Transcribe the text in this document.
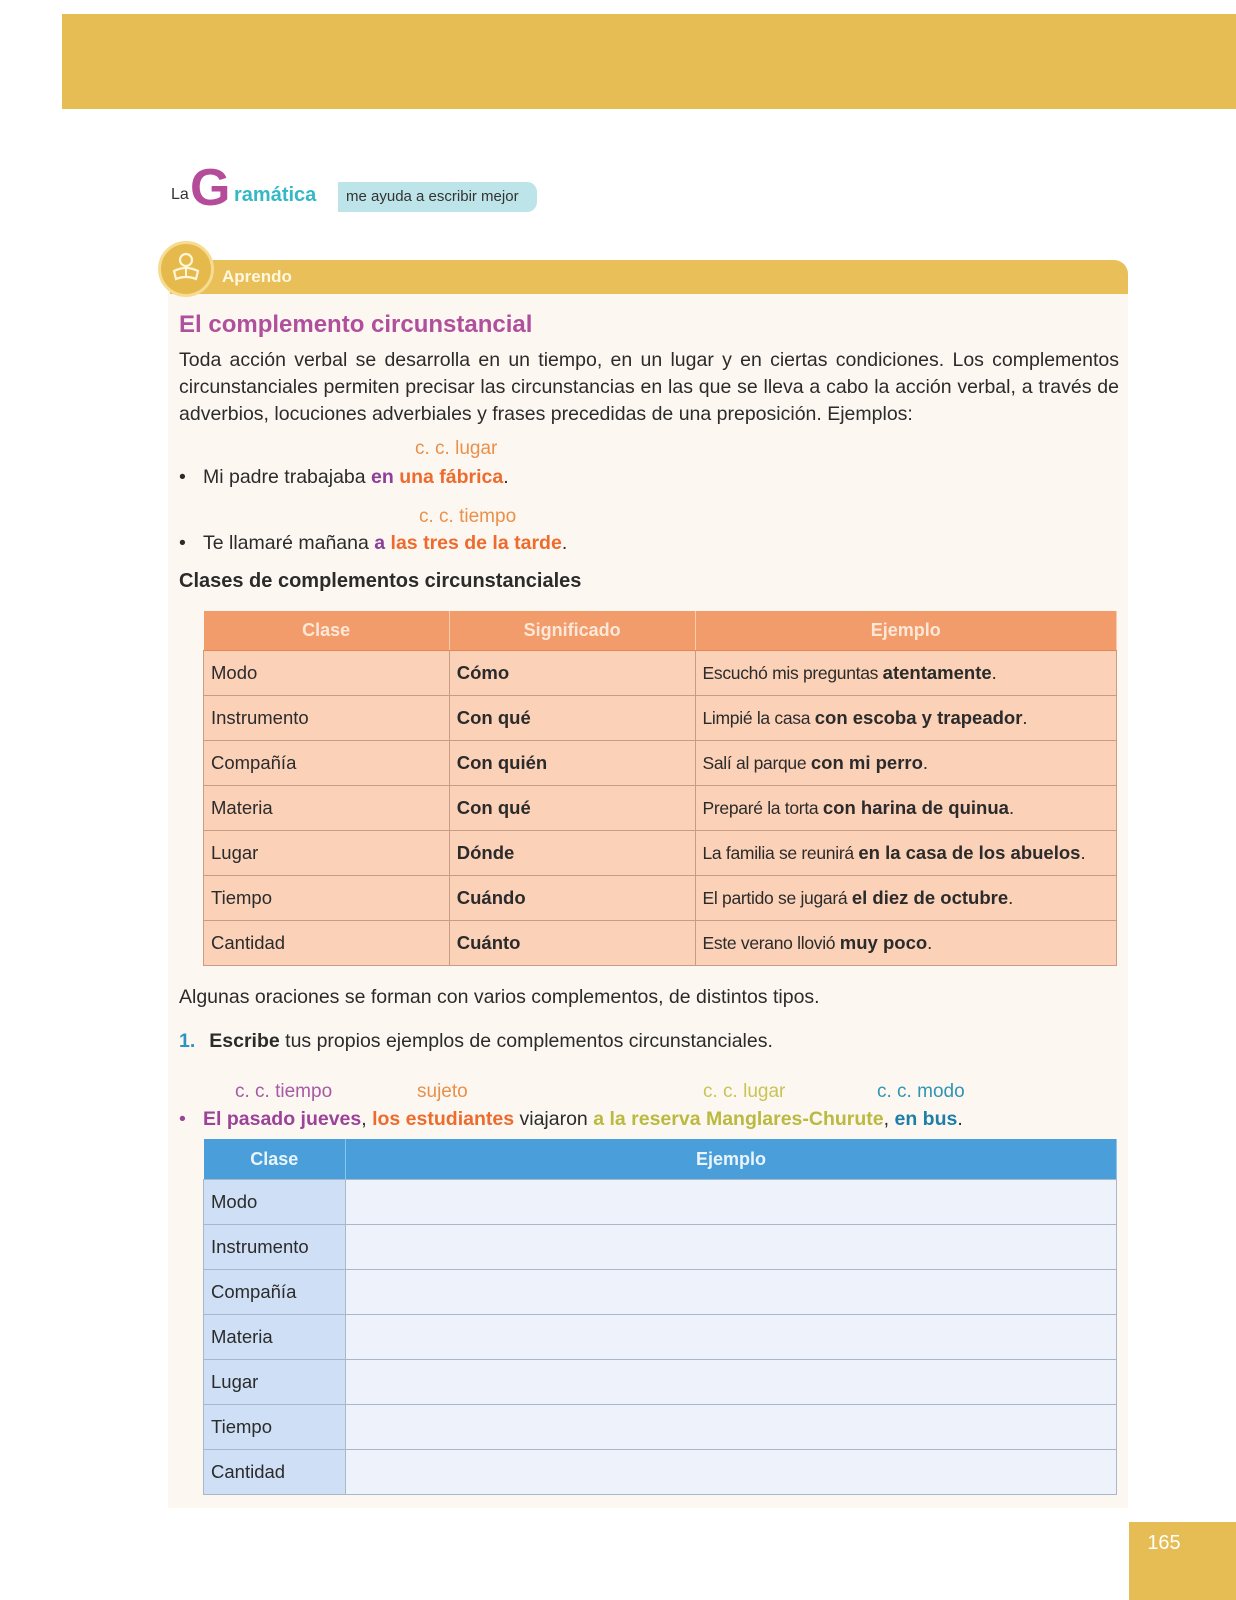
La G ramática	me ayuda a escribir mejor
Aprendo
El complemento circunstancial

Toda acción verbal se desarrolla en un tiempo, en un lugar y en ciertas condiciones. Los complementos circunstanciales permiten precisar las circunstancias en las que se lleva a cabo la acción verbal, a través de adverbios, locuciones adverbiales y frases precedidas de una preposición. Ejemplos:

c. c. lugar
• Mi padre trabajaba en una fábrica.
c. c. tiempo
• Te llamaré mañana a las tres de la tarde.
Clases de complementos circunstanciales
Clase	Significado	Ejemplo
Modo	Cómo	Escuchó mis preguntas atentamente.
Instrumento	Con qué	Limpié la casa con escoba y trapeador.
Compañía	Con quién	Salí al parque con mi perro.
Materia	Con qué	Preparé la torta con harina de quinua.
Lugar	Dónde	La familia se reunirá en la casa de los abuelos.
Tiempo	Cuándo	El partido se jugará el diez de octubre.
Cantidad	Cuánto	Este verano llovió muy poco.
Algunas oraciones se forman con varios complementos, de distintos tipos.
1. Escribe tus propios ejemplos de complementos circunstanciales.
c. c. tiempo	sujeto	c. c. lugar	c. c. modo
• El pasado jueves, los estudiantes viajaron a la reserva Manglares-Churute, en bus.
Clase	Ejemplo
Modo	
Instrumento	
Compañía	
Materia	
Lugar	
Tiempo	
Cantidad	
165
